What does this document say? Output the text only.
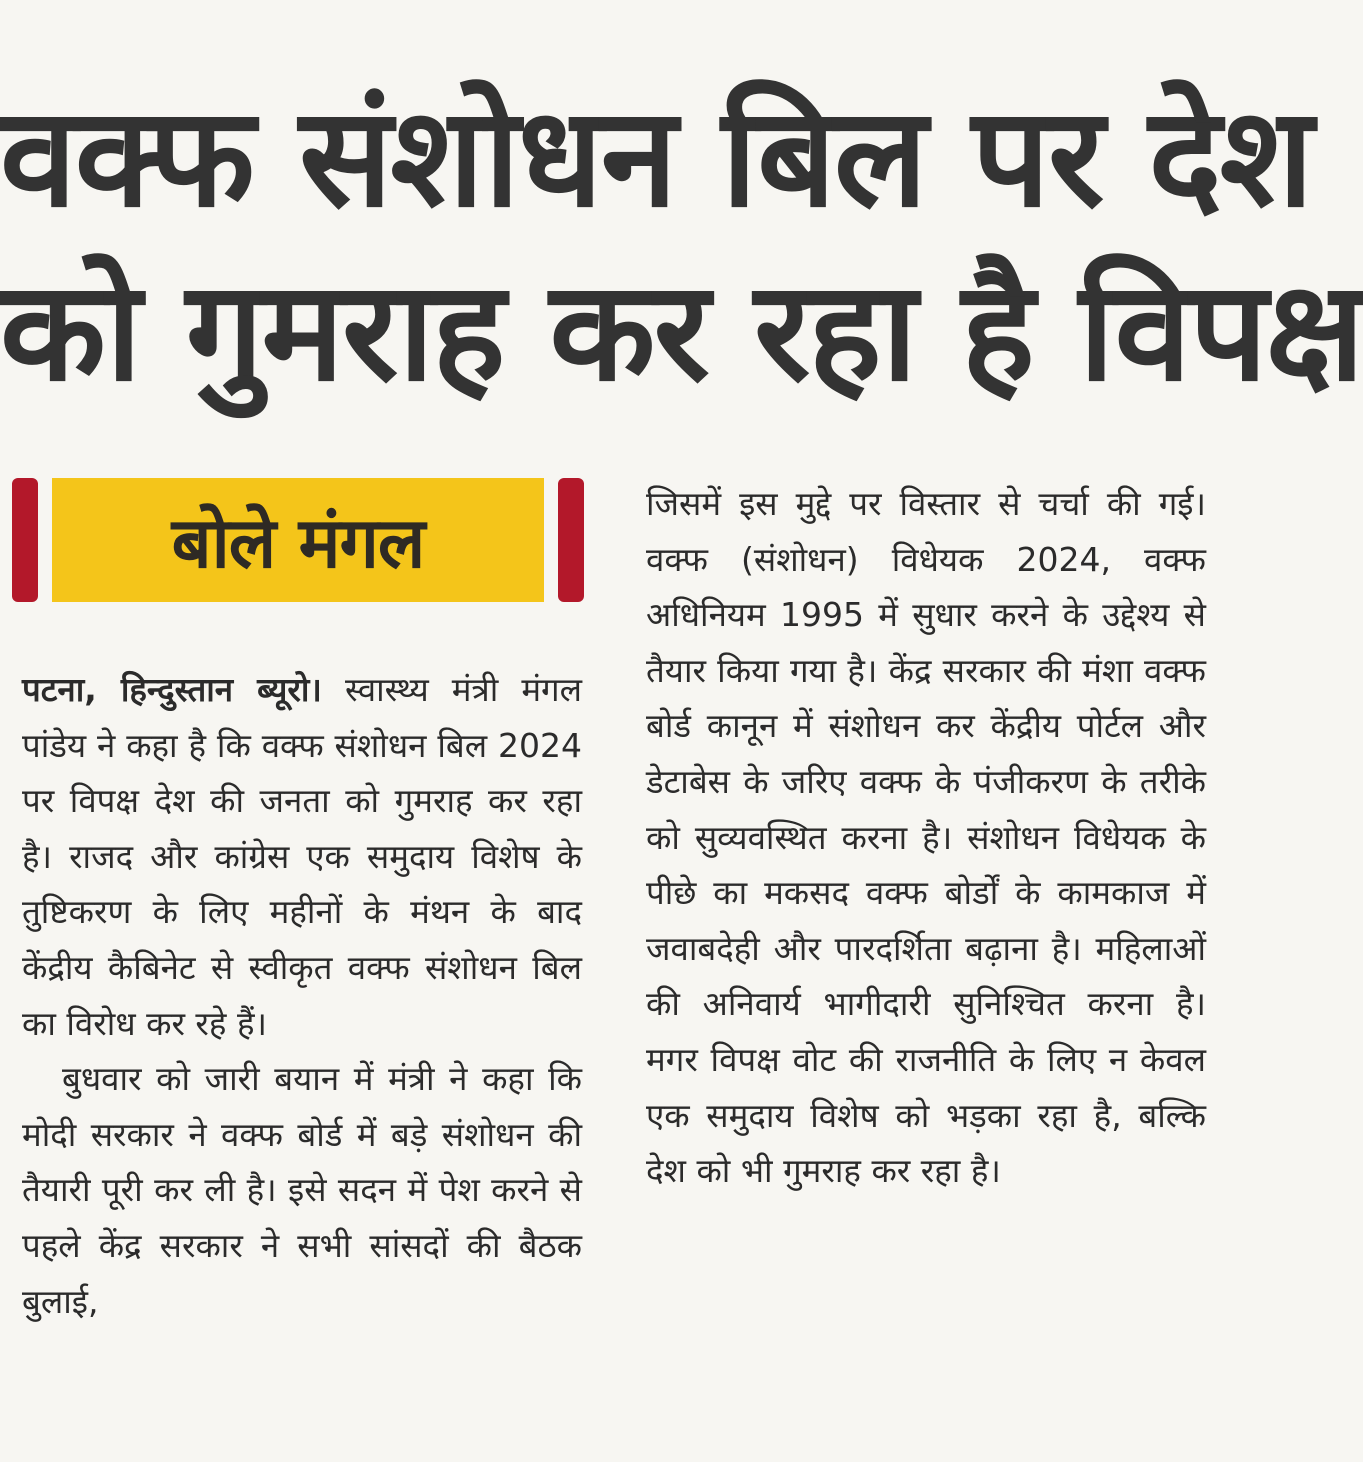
वक्फ संशोधन बिल पर देश
को गुमराह कर रहा है विपक्ष
बोले मंगल

पटना, हिन्दुस्तान ब्यूरो। स्वास्थ्य मंत्री मंगल पांडेय ने कहा है कि वक्फ संशोधन बिल 2024 पर विपक्ष देश की जनता को गुमराह कर रहा है। राजद और कांग्रेस एक समुदाय विशेष के तुष्टिकरण के लिए महीनों के मंथन के बाद केंद्रीय कैबिनेट से स्वीकृत वक्फ संशोधन बिल का विरोध कर रहे हैं।

बुधवार को जारी बयान में मंत्री ने कहा कि मोदी सरकार ने वक्फ बोर्ड में बड़े संशोधन की तैयारी पूरी कर ली है। इसे सदन में पेश करने से पहले केंद्र सरकार ने सभी सांसदों की बैठक बुलाई,

जिसमें इस मुद्दे पर विस्तार से चर्चा की गई। वक्फ (संशोधन) विधेयक 2024, वक्फ अधिनियम 1995 में सुधार करने के उद्देश्य से तैयार किया गया है। केंद्र सरकार की मंशा वक्फ बोर्ड कानून में संशोधन कर केंद्रीय पोर्टल और डेटाबेस के जरिए वक्फ के पंजीकरण के तरीके को सुव्यवस्थित करना है। संशोधन विधेयक के पीछे का मकसद वक्फ बोर्डों के कामकाज में जवाबदेही और पारदर्शिता बढ़ाना है। महिलाओं की अनिवार्य भागीदारी सुनिश्चित करना है। मगर विपक्ष वोट की राजनीति के लिए न केवल एक समुदाय विशेष को भड़का रहा है, बल्कि देश को भी गुमराह कर रहा है।
